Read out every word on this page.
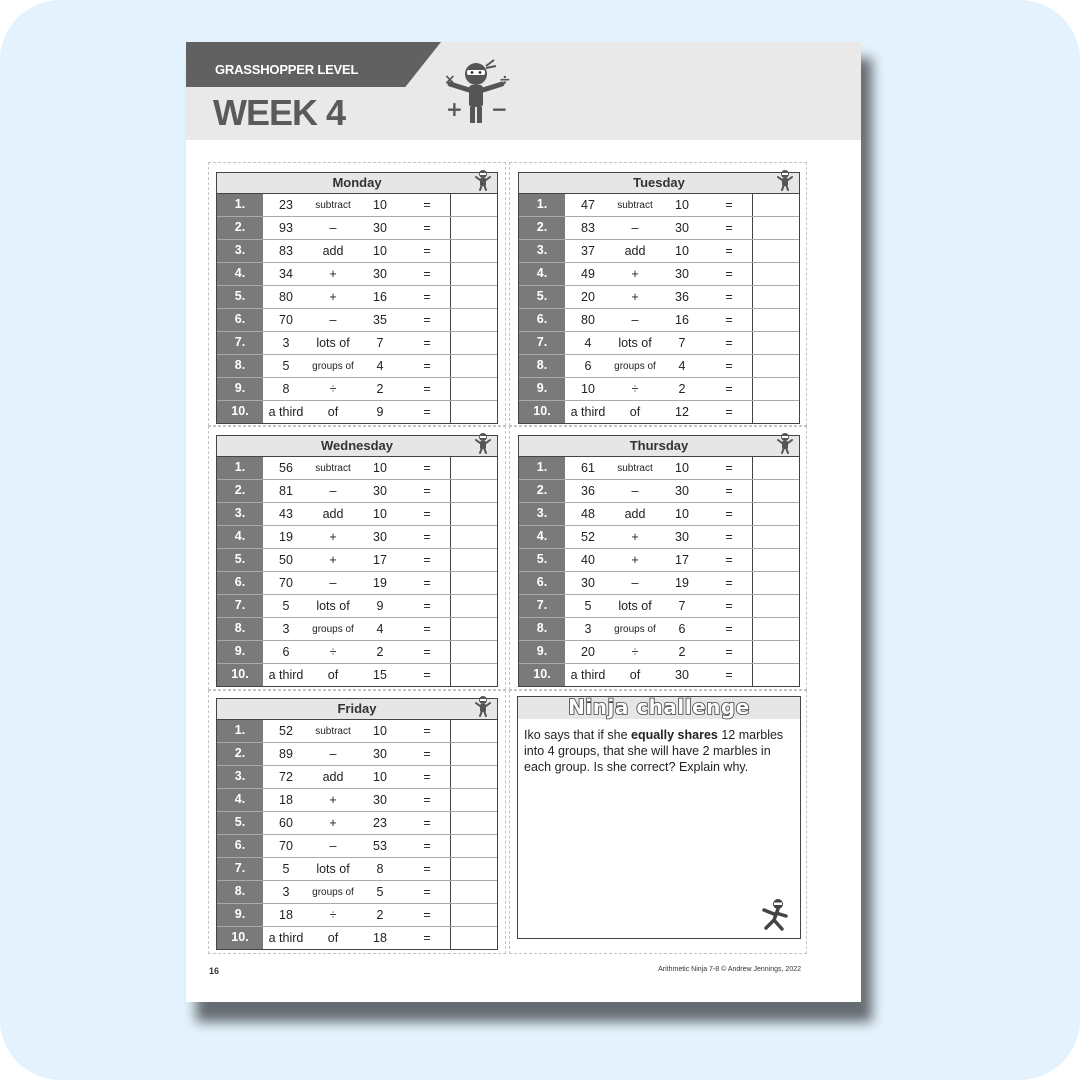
GRASSHOPPER LEVEL
WEEK 4
×	÷
+ −
Monday
1.	23	subtract	10	=
2.	93	–	30	=
3.	83	add	10	=
4.	34	+	30	=
5.	80	+	16	=
6.	70	–	35	=
7.	3	lots of	7	=
8.	5	groups of	4	=
9.	8	÷	2	=
10.	a third	of	9	=
Tuesday
1.	47	subtract	10	=
2.	83	–	30	=
3.	37	add	10	=
4.	49	+	30	=
5.	20	+	36	=
6.	80	–	16	=
7.	4	lots of	7	=
8.	6	groups of	4	=
9.	10	÷	2	=
10.	a third	of	12	=
Wednesday
1.	56	subtract	10	=
2.	81	–	30	=
3.	43	add	10	=
4.	19	+	30	=
5.	50	+	17	=
6.	70	–	19	=
7.	5	lots of	9	=
8.	3	groups of	4	=
9.	6	÷	2	=
10.	a third	of	15	=
Thursday
1.	61	subtract	10	=
2.	36	–	30	=
3.	48	add	10	=
4.	52	+	30	=
5.	40	+	17	=
6.	30	–	19	=
7.	5	lots of	7	=
8.	3	groups of	6	=
9.	20	÷	2	=
10.	a third	of	30	=
Friday
1.	52	subtract	10	=
2.	89	–	30	=
3.	72	add	10	=
4.	18	+	30	=
5.	60	+	23	=
6.	70	–	53	=
7.	5	lots of	8	=
8.	3	groups of	5	=
9.	18	÷	2	=
10.	a third	of	18	=
Ninja challenge
Iko says that if she equally shares 12 marbles into 4 groups, that she will have 2 marbles in each group. Is she correct? Explain why.
16	Arithmetic Ninja 7-8 © Andrew Jennings, 2022
